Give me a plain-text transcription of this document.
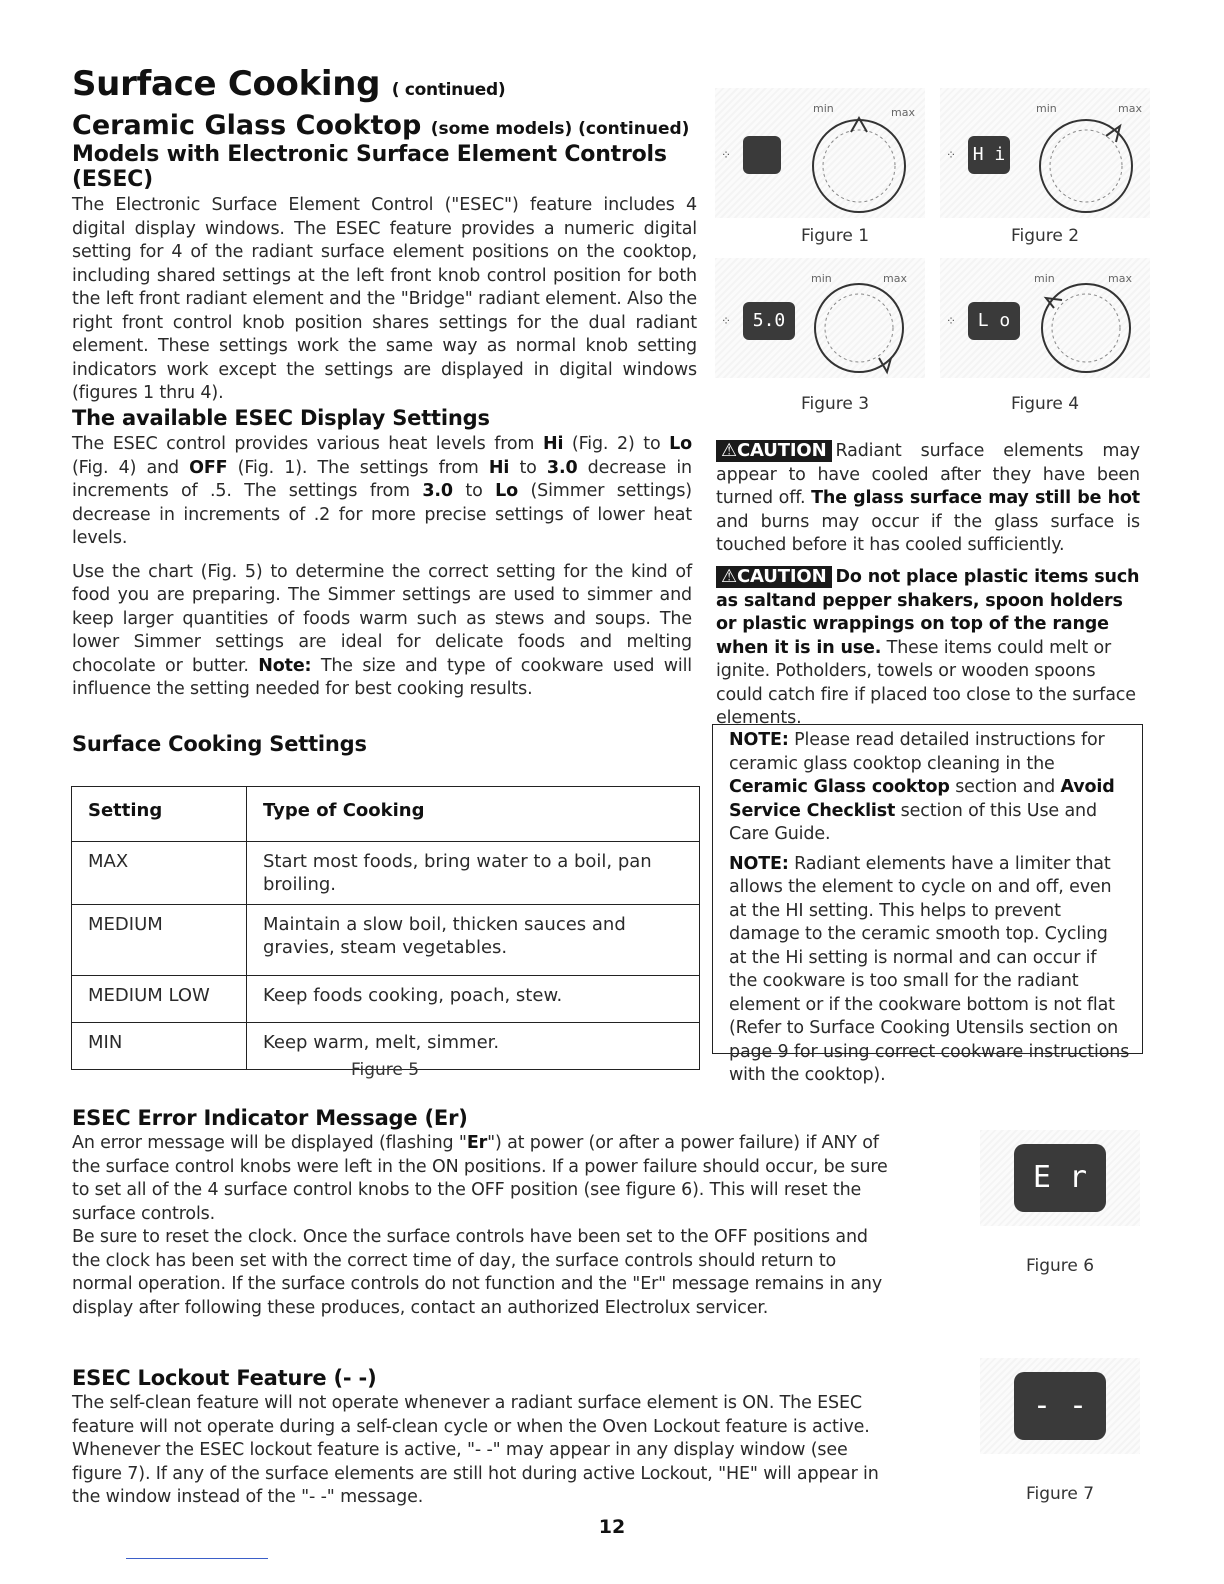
Surface Cooking ( continued)
Ceramic Glass Cooktop (some models) (continued)
Models with Electronic Surface Element Controls (ESEC)
The Electronic Surface Element Control ("ESEC") feature includes 4 digital display windows. The ESEC feature provides a numeric digital setting for 4 of the radiant surface element positions on the cooktop, including shared settings at the left front knob control position for both the left front radiant element and the "Bridge" radiant element. Also the right front control knob position shares settings for the dual radiant element. These settings work the same way as normal knob setting indicators work except the settings are displayed in digital windows (figures 1 thru 4).
⁘
min	max
Figure 1
⁘ H i
min	max
Figure 2
⁘	5.0
min	max
Figure 3
⁘	L o
min	max
Figure 4
The available ESEC Display Settings
The ESEC control provides various heat levels from Hi (Fig. 2) to Lo (Fig. 4) and OFF (Fig. 1). The settings from Hi to 3.0 decrease in increments of .5. The settings from 3.0 to Lo (Simmer settings) decrease in increments of .2 for more precise settings of lower heat levels.
Use the chart (Fig. 5) to determine the correct setting for the kind of food you are preparing. The Simmer settings are used to simmer and keep larger quantities of foods warm such as stews and soups. The lower Simmer settings are ideal for delicate foods and melting chocolate or butter. Note: The size and type of cookware used will influence the setting needed for best cooking results.
Surface Cooking Settings
Setting	Type of Cooking
MAX	Start most foods, bring water to a boil, pan broiling.
MEDIUM	Maintain a slow boil, thicken sauces and gravies, steam vegetables.
MEDIUM LOW	Keep foods cooking, poach, stew.
MIN	Keep warm, melt, simmer.
Figure 5
⚠CAUTION Radiant surface elements may appear to have cooled after they have been turned off. The glass surface may still be hot and burns may occur if the glass surface is touched before it has cooled sufficiently.
⚠CAUTION Do not place plastic items such as saltand pepper shakers, spoon holders or plastic wrappings on top of the range when it is in use. These items could melt or ignite. Potholders, towels or wooden spoons could catch fire if placed too close to the surface elements.

NOTE: Please read detailed instructions for ceramic glass cooktop cleaning in the Ceramic Glass cooktop section and Avoid Service Checklist section of this Use and Care Guide.

NOTE: Radiant elements have a limiter that allows the element to cycle on and off, even at the HI setting. This helps to prevent damage to the ceramic smooth top. Cycling at the Hi setting is normal and can occur if the cookware is too small for the radiant element or if the cookware bottom is not flat (Refer to Surface Cooking Utensils section on page 9 for using correct cookware instructions with the cooktop).

ESEC Error Indicator Message (Er)
An error message will be displayed (flashing "Er") at power (or after a power failure) if ANY of the surface control knobs were left in the ON positions. If a power failure should occur, be sure to set all of the 4 surface control knobs to the OFF position (see figure 6). This will reset the surface controls.
Be sure to reset the clock. Once the surface controls have been set to the OFF positions and the clock has been set with the correct time of day, the surface controls should return to normal operation. If the surface controls do not function and the "Er" message remains in any display after following these produces, contact an authorized Electrolux servicer.
E r
Figure 6
ESEC Lockout Feature (- -)
The self-clean feature will not operate whenever a radiant surface element is ON. The ESEC feature will not operate during a self-clean cycle or when the Oven Lockout feature is active. Whenever the ESEC lockout feature is active, "- -" may appear in any display window (see figure 7). If any of the surface elements are still hot during active Lockout, "HE" will appear in the window instead of the "- -" message.
- -
Figure 7
12
